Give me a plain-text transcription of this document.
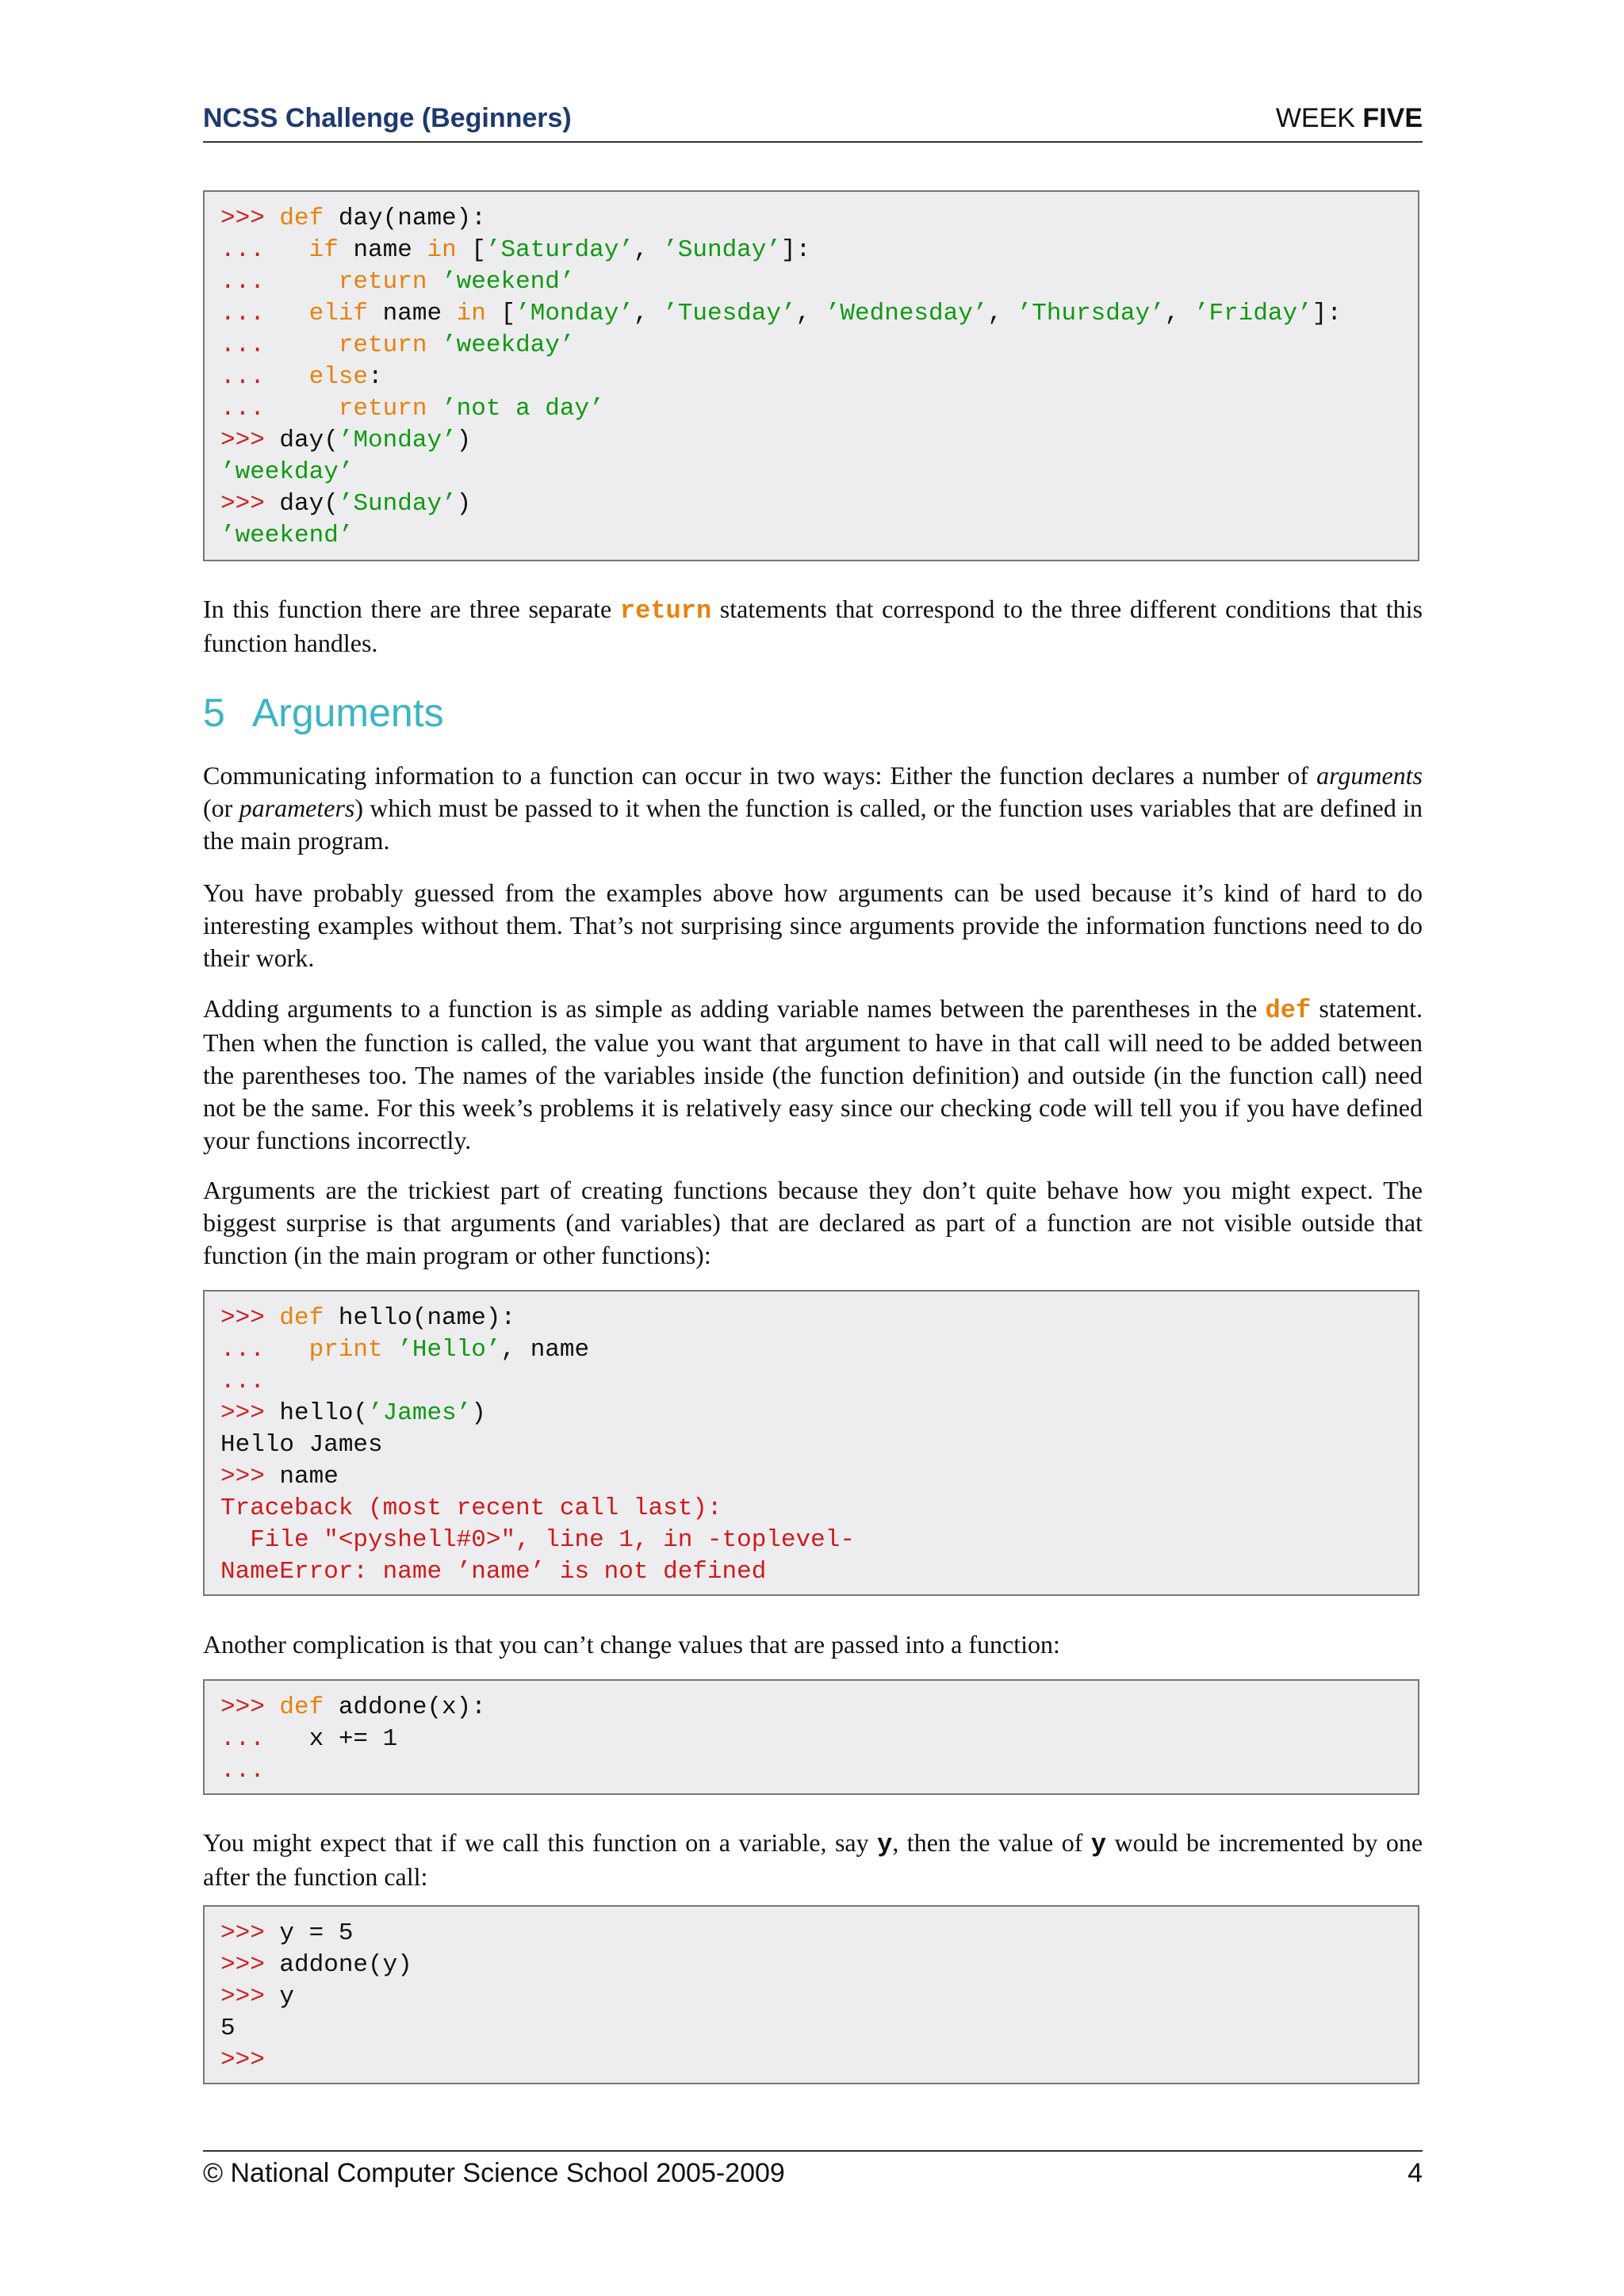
NCSS Challenge (Beginners)	WEEK FIVE
>>> def day(name):
...   if name in [’Saturday’, ’Sunday’]:
...     return ’weekend’
...   elif name in [’Monday’, ’Tuesday’, ’Wednesday’, ’Thursday’, ’Friday’]:
...     return ’weekday’
...   else:
...     return ’not a day’
>>> day(’Monday’)
’weekday’
>>> day(’Sunday’)
’weekend’
In this function there are three separate return statements that correspond to the three different conditions that this function handles.
5 Arguments
Communicating information to a function can occur in two ways: Either the function declares a number of arguments (or parameters) which must be passed to it when the function is called, or the function uses variables that are defined in the main program.
You have probably guessed from the examples above how arguments can be used because it’s kind of hard to do interesting examples without them. That’s not surprising since arguments provide the information functions need to do their work.
Adding arguments to a function is as simple as adding variable names between the parentheses in the def statement. Then when the function is called, the value you want that argument to have in that call will need to be added between the parentheses too. The names of the variables inside (the function definition) and outside (in the function call) need not be the same. For this week’s problems it is relatively easy since our checking code will tell you if you have defined your functions incorrectly.
Arguments are the trickiest part of creating functions because they don’t quite behave how you might expect. The biggest surprise is that arguments (and variables) that are declared as part of a function are not visible outside that function (in the main program or other functions):
>>> def hello(name):
...   print ’Hello’, name
...
>>> hello(’James’)
Hello James
>>> name
Traceback (most recent call last):
File "<pyshell#0>", line 1, in -toplevel-
NameError: name ’name’ is not defined
Another complication is that you can’t change values that are passed into a function:
>>> def addone(x):
...   x += 1
...
You might expect that if we call this function on a variable, say y, then the value of y would be incremented by one after the function call:
>>> y = 5
>>> addone(y)
>>> y
5
>>>
© National Computer Science School 2005-2009	4
